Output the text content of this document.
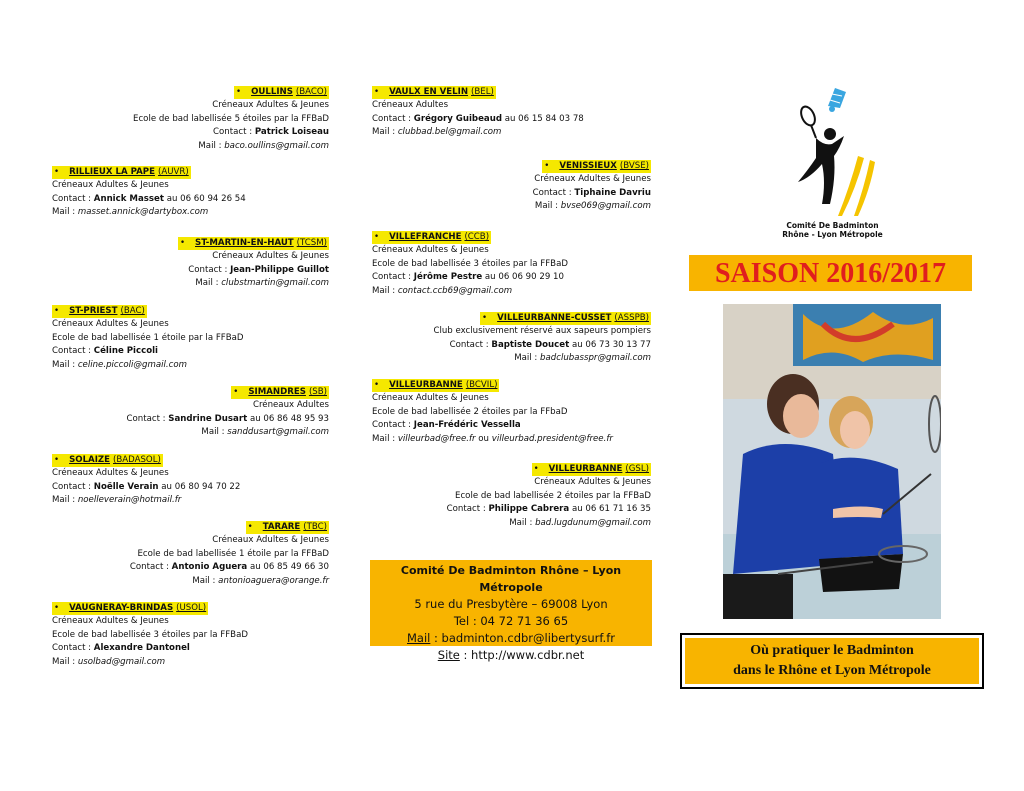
• OULLINS (BACO)
Créneaux Adultes & Jeunes
Ecole de bad labellisée 5 étoiles par la FFBaD
Contact : Patrick Loiseau
Mail : baco.oullins@gmail.com
• RILLIEUX LA PAPE (AUVR)
Créneaux Adultes & Jeunes
Contact : Annick Masset au 06 60 94 26 54
Mail : masset.annick@dartybox.com
• ST-MARTIN-EN-HAUT (TCSM)
Créneaux Adultes & Jeunes
Contact : Jean-Philippe Guillot
Mail : clubstmartin@gmail.com
• ST-PRIEST (BAC)
Créneaux Adultes & Jeunes
Ecole de bad labellisée 1 étoile par la FFBaD
Contact : Céline Piccoli
Mail : celine.piccoli@gmail.com
• SIMANDRES (SB)
Créneaux Adultes
Contact : Sandrine Dusart au 06 86 48 95 93
Mail : sanddusart@gmail.com
• SOLAIZE (BADASOL)
Créneaux Adultes & Jeunes
Contact : Noëlle Verain au 06 80 94 70 22
Mail : noelleverain@hotmail.fr
• TARARE (TBC)
Créneaux Adultes & Jeunes
Ecole de bad labellisée 1 étoile par la FFBaD
Contact : Antonio Aguera au 06 85 49 66 30
Mail : antonioaguera@orange.fr
• VAUGNERAY-BRINDAS (USOL)
Créneaux Adultes & Jeunes
Ecole de bad labellisée 3 étoiles par la FFBaD
Contact : Alexandre Dantonel
Mail : usolbad@gmail.com
• VAULX EN VELIN (BEL)
Créneaux Adultes
Contact : Grégory Guibeaud au 06 15 84 03 78
Mail : clubbad.bel@gmail.com
• VENISSIEUX (BVSE)
Créneaux Adultes & Jeunes
Contact : Tiphaine Davriu
Mail : bvse069@gmail.com
• VILLEFRANCHE (CCB)
Créneaux Adultes & Jeunes
Ecole de bad labellisée 3 étoiles par la FFBaD
Contact : Jérôme Pestre au 06 06 90 29 10
Mail : contact.ccb69@gmail.com
• VILLEURBANNE-CUSSET (ASSPB)
Club exclusivement réservé aux sapeurs pompiers
Contact : Baptiste Doucet au 06 73 30 13 77
Mail : badclubasspr@gmail.com
• VILLEURBANNE (BCVIL)
Créneaux Adultes & Jeunes
Ecole de bad labellisée 2 étoiles par la FFbaD
Contact : Jean-Frédéric Vessella
Mail : villeurbad@free.fr ou villeurbad.president@free.fr
• VILLEURBANNE (GSL)
Créneaux Adultes & Jeunes
Ecole de bad labellisée 2 étoiles par la FFBaD
Contact : Philippe Cabrera au 06 61 71 16 35
Mail : bad.lugdunum@gmail.com
Comité De Badminton Rhône – Lyon Métropole
5 rue du Presbytère – 69008 Lyon
Tel : 04 72 71 36 65
Mail : badminton.cdbr@libertysurf.fr
Site : http://www.cdbr.net
Comité De Badminton
Rhône - Lyon Métropole
SAISON 2016/2017
Où pratiquer le Badminton
dans le Rhône et Lyon Métropole
